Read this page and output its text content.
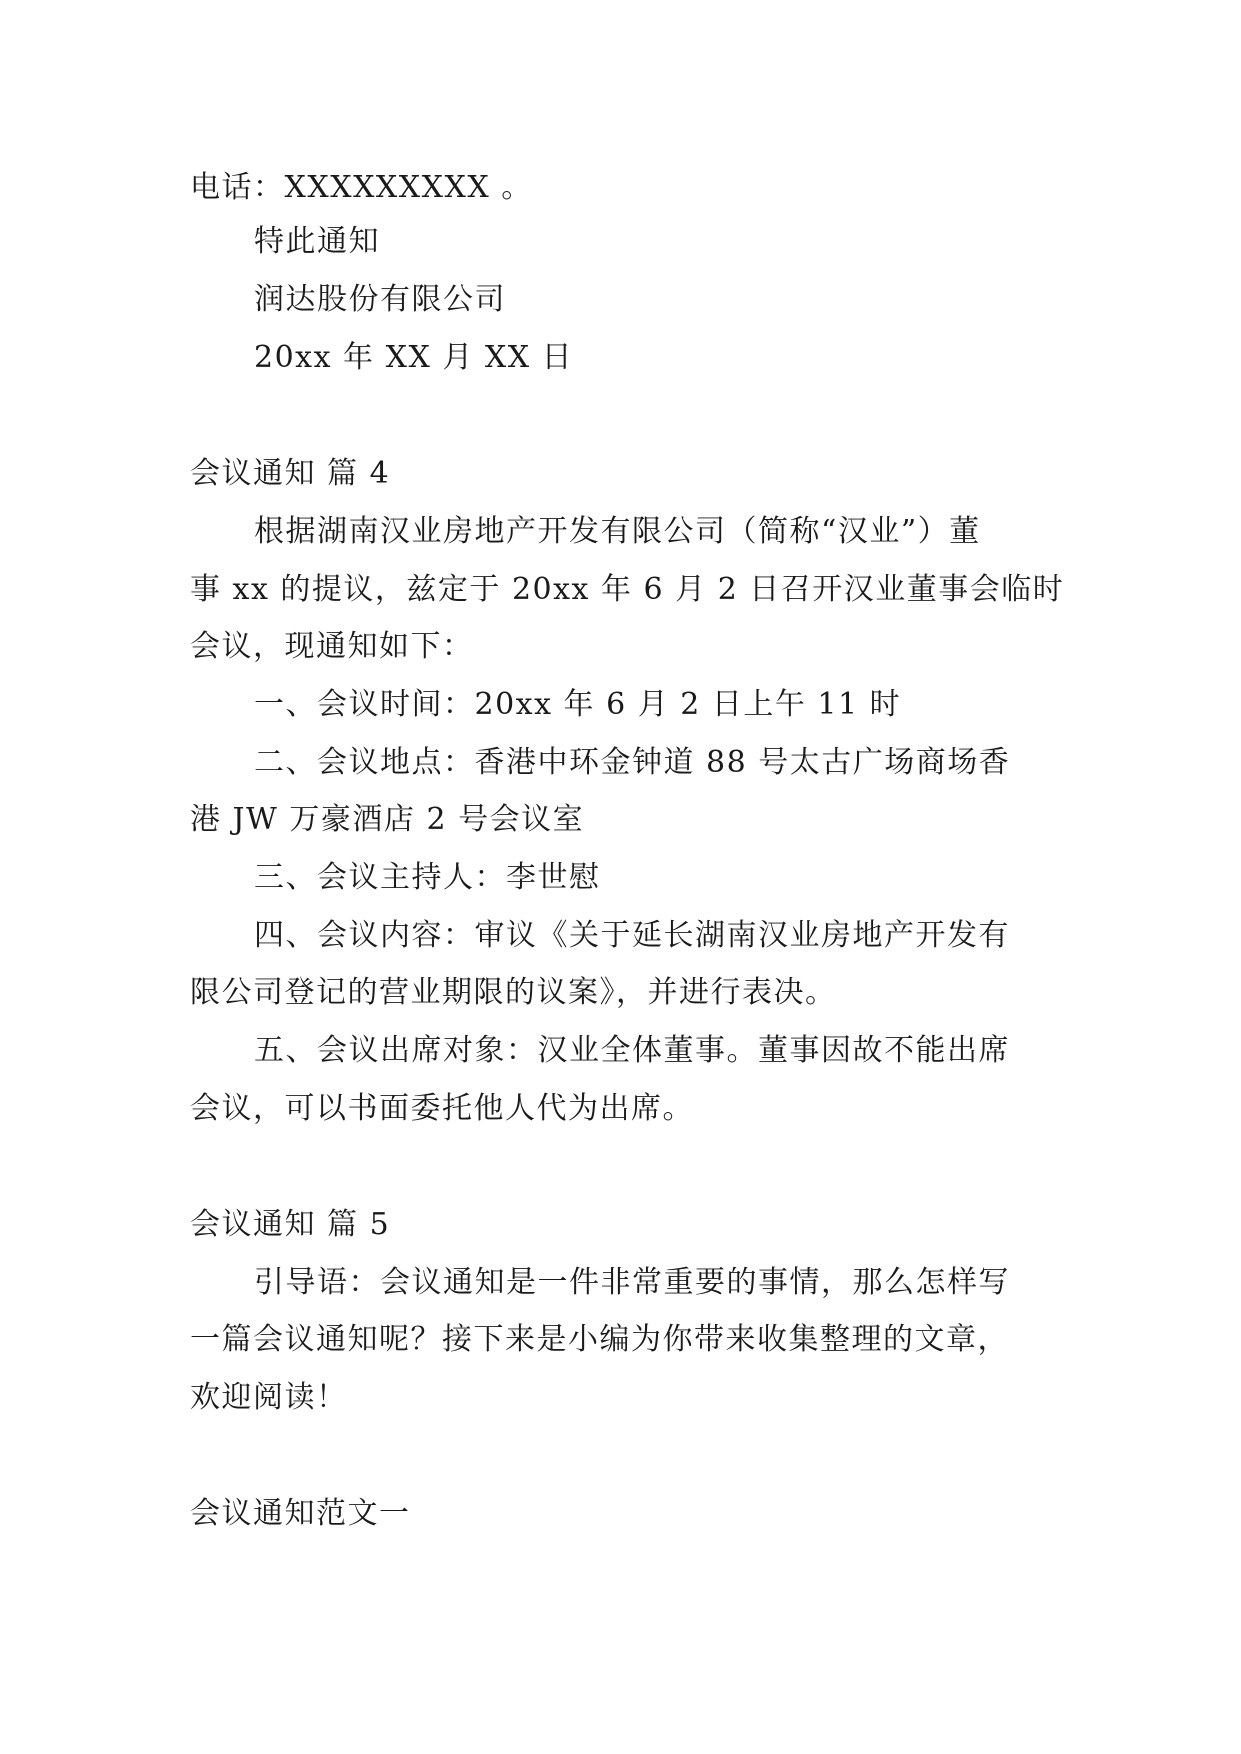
电话：XXXXXXXXX 。
特此通知
润达股份有限公司
20xx 年 XX 月 XX 日
会议通知 篇 4
根据湖南汉业房地产开发有限公司（简称“汉业”）董
事 xx 的提议，兹定于 20xx 年 6 月 2 日召开汉业董事会临时
会议，现通知如下：
一、会议时间：20xx 年 6 月 2 日上午 11 时
二、会议地点：香港中环金钟道 88 号太古广场商场香
港 JW 万豪酒店 2 号会议室
三、会议主持人：李世慰
四、会议内容：审议《关于延长湖南汉业房地产开发有
限公司登记的营业期限的议案》，并进行表决。
五、会议出席对象：汉业全体董事。董事因故不能出席
会议，可以书面委托他人代为出席。
会议通知 篇 5
引导语：会议通知是一件非常重要的事情，那么怎样写
一篇会议通知呢？接下来是小编为你带来收集整理的文章，
欢迎阅读！
会议通知范文一
